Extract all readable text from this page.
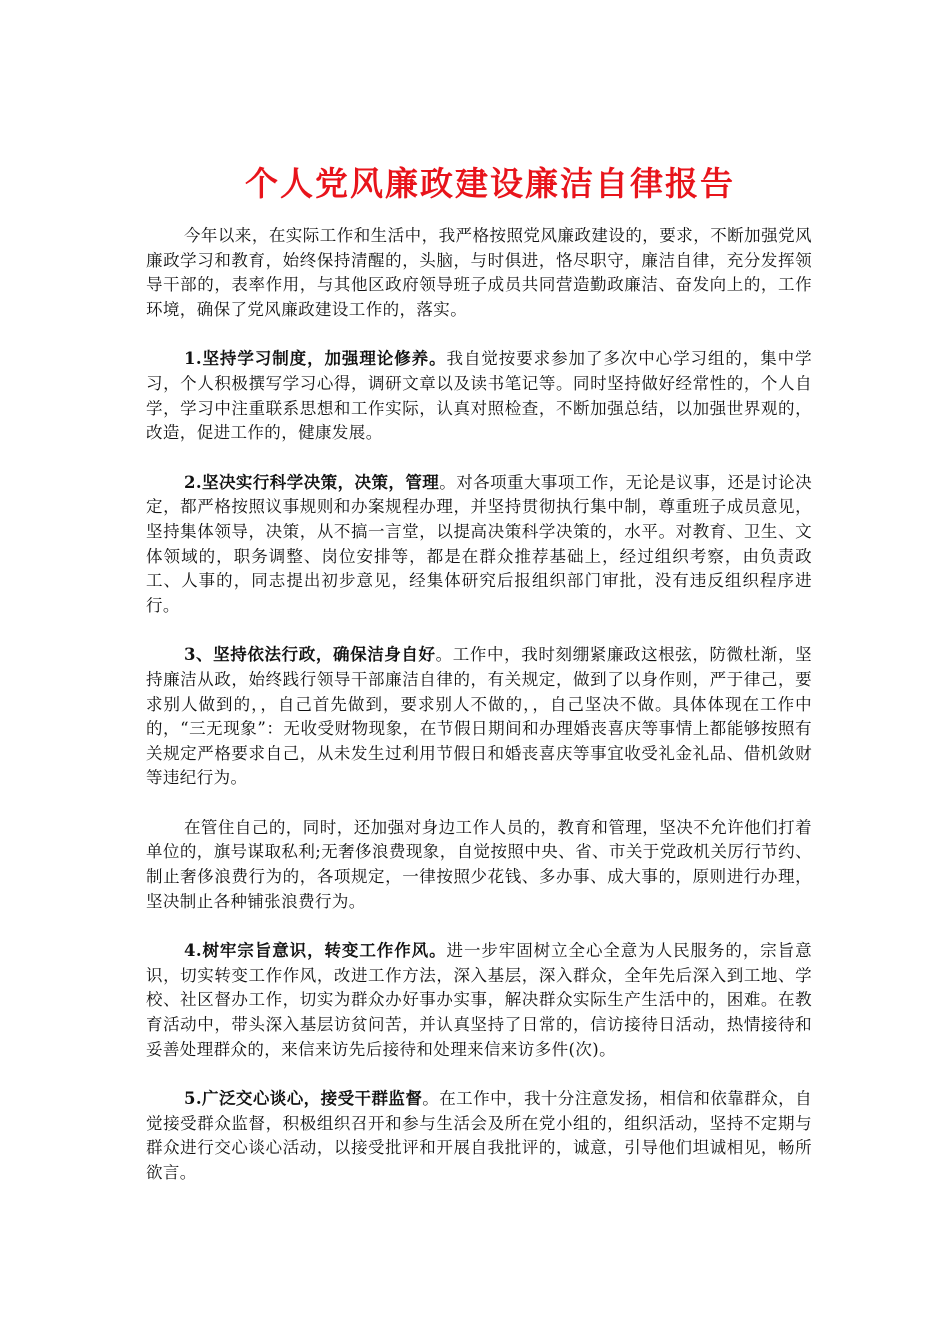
个人党风廉政建设廉洁自律报告

今年以来，在实际工作和生活中，我严格按照党风廉政建设的，要求，不断加强党风廉政学习和教育，始终保持清醒的，头脑，与时俱进，恪尽职守，廉洁自律，充分发挥领导干部的，表率作用，与其他区政府领导班子成员共同营造勤政廉洁、奋发向上的，工作环境，确保了党风廉政建设工作的，落实。

1.坚持学习制度，加强理论修养。我自觉按要求参加了多次中心学习组的，集中学习，个人积极撰写学习心得，调研文章以及读书笔记等。同时坚持做好经常性的，个人自学，学习中注重联系思想和工作实际，认真对照检查，不断加强总结，以加强世界观的，改造，促进工作的，健康发展。

2.坚决实行科学决策，决策，管理。对各项重大事项工作，无论是议事，还是讨论决定，都严格按照议事规则和办案规程办理，并坚持贯彻执行集中制，尊重班子成员意见，坚持集体领导，决策，从不搞一言堂，以提高决策科学决策的，水平。对教育、卫生、文体领域的，职务调整、岗位安排等，都是在群众推荐基础上，经过组织考察，由负责政工、人事的，同志提出初步意见，经集体研究后报组织部门审批，没有违反组织程序进行。

3、坚持依法行政，确保洁身自好。工作中，我时刻绷紧廉政这根弦，防微杜渐，坚持廉洁从政，始终践行领导干部廉洁自律的，有关规定，做到了以身作则，严于律己，要求别人做到的，，自己首先做到，要求别人不做的，，自己坚决不做。具体体现在工作中的，“三无现象”：无收受财物现象，在节假日期间和办理婚丧喜庆等事情上都能够按照有关规定严格要求自己，从未发生过利用节假日和婚丧喜庆等事宜收受礼金礼品、借机敛财等违纪行为。

在管住自己的，同时，还加强对身边工作人员的，教育和管理，坚决不允许他们打着单位的，旗号谋取私利;无奢侈浪费现象，自觉按照中央、省、市关于党政机关厉行节约、制止奢侈浪费行为的，各项规定，一律按照少花钱、多办事、成大事的，原则进行办理，坚决制止各种铺张浪费行为。

4.树牢宗旨意识，转变工作作风。进一步牢固树立全心全意为人民服务的，宗旨意识，切实转变工作作风，改进工作方法，深入基层，深入群众，全年先后深入到工地、学校、社区督办工作，切实为群众办好事办实事，解决群众实际生产生活中的，困难。在教育活动中，带头深入基层访贫问苦，并认真坚持了日常的，信访接待日活动，热情接待和妥善处理群众的，来信来访先后接待和处理来信来访多件(次)。

5.广泛交心谈心，接受干群监督。在工作中，我十分注意发扬，相信和依靠群众，自觉接受群众监督，积极组织召开和参与生活会及所在党小组的，组织活动，坚持不定期与群众进行交心谈心活动，以接受批评和开展自我批评的，诚意，引导他们坦诚相见，畅所欲言。
